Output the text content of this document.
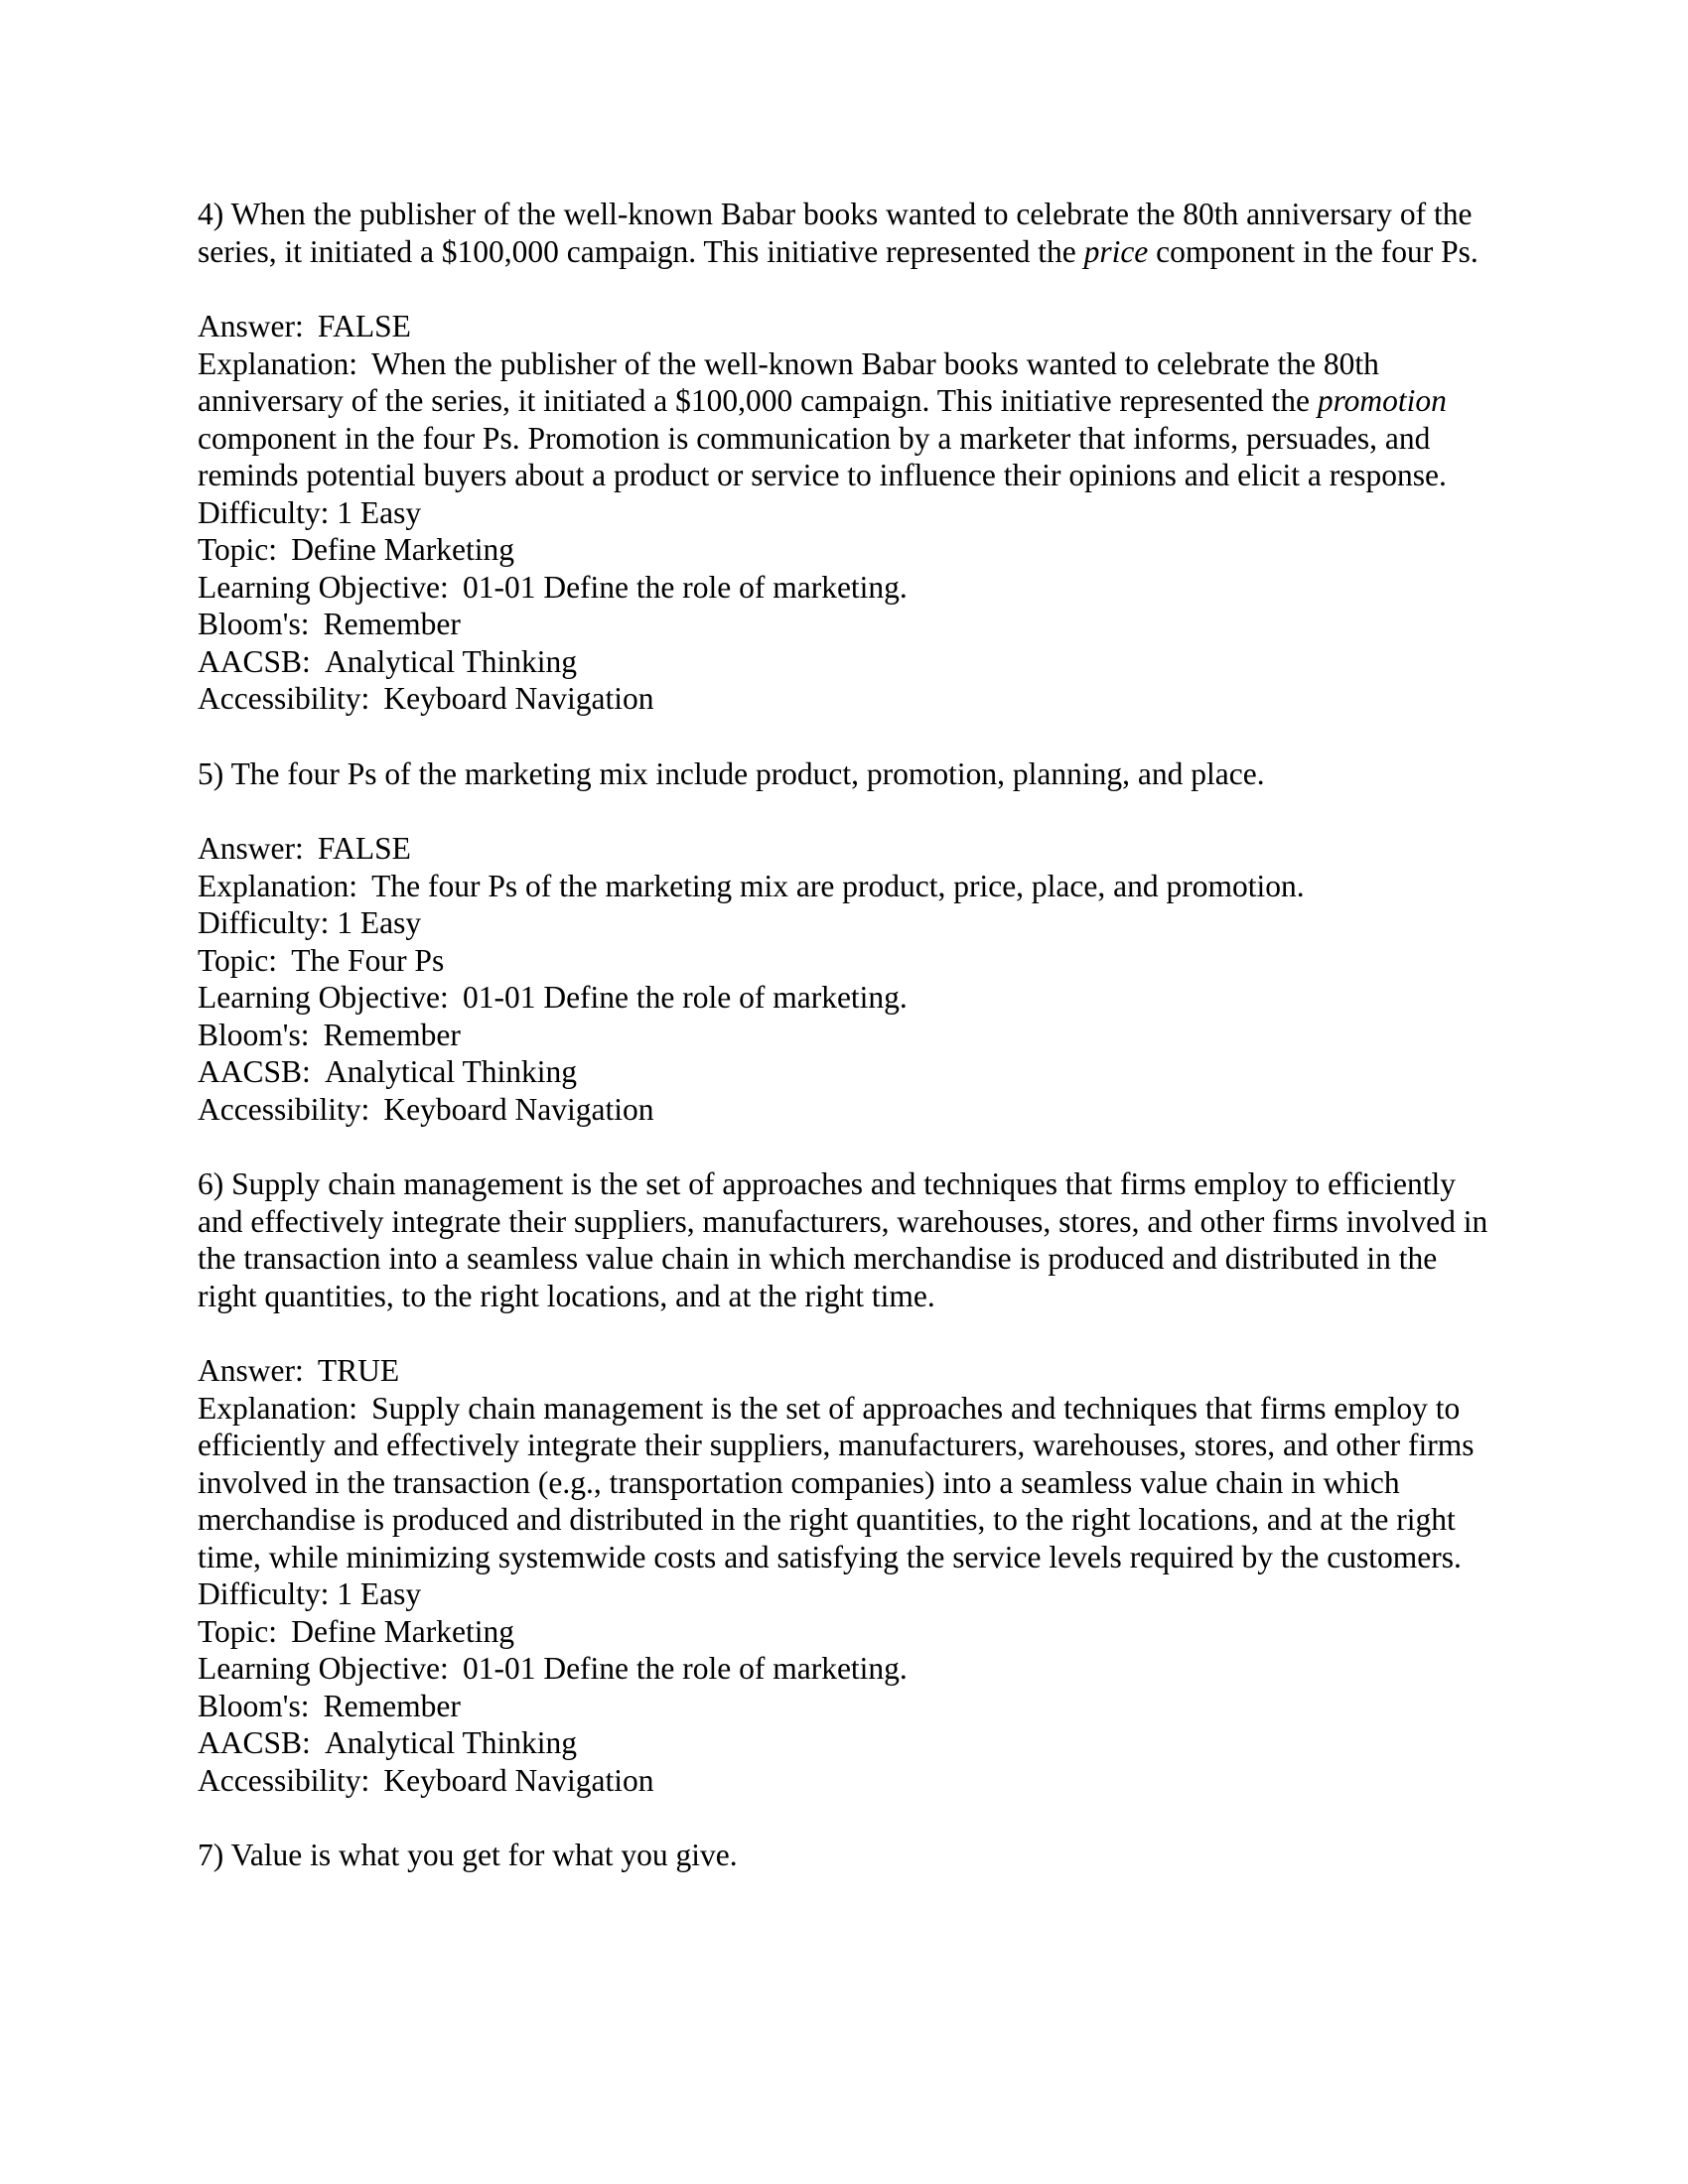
4) When the publisher of the well-known Babar books wanted to celebrate the 80th anniversary of the series, it initiated a $100,000 campaign. This initiative represented the price component in the four Ps.

Answer: FALSE

Explanation: When the publisher of the well-known Babar books wanted to celebrate the 80th anniversary of the series, it initiated a $100,000 campaign. This initiative represented the promotion component in the four Ps. Promotion is communication by a marketer that informs, persuades, and reminds potential buyers about a product or service to influence their opinions and elicit a response.

Difficulty: 1 Easy

Topic: Define Marketing

Learning Objective: 01-01 Define the role of marketing.

Bloom's: Remember

AACSB: Analytical Thinking

Accessibility: Keyboard Navigation

5) The four Ps of the marketing mix include product, promotion, planning, and place.

Answer: FALSE

Explanation: The four Ps of the marketing mix are product, price, place, and promotion.

Difficulty: 1 Easy

Topic: The Four Ps

Learning Objective: 01-01 Define the role of marketing.

Bloom's: Remember

AACSB: Analytical Thinking

Accessibility: Keyboard Navigation

6) Supply chain management is the set of approaches and techniques that firms employ to efficiently and effectively integrate their suppliers, manufacturers, warehouses, stores, and other firms involved in the transaction into a seamless value chain in which merchandise is produced and distributed in the right quantities, to the right locations, and at the right time.

Answer: TRUE

Explanation: Supply chain management is the set of approaches and techniques that firms employ to efficiently and effectively integrate their suppliers, manufacturers, warehouses, stores, and other firms involved in the transaction (e.g., transportation companies) into a seamless value chain in which merchandise is produced and distributed in the right quantities, to the right locations, and at the right time, while minimizing systemwide costs and satisfying the service levels required by the customers.

Difficulty: 1 Easy

Topic: Define Marketing

Learning Objective: 01-01 Define the role of marketing.

Bloom's: Remember

AACSB: Analytical Thinking

Accessibility: Keyboard Navigation

7) Value is what you get for what you give.
